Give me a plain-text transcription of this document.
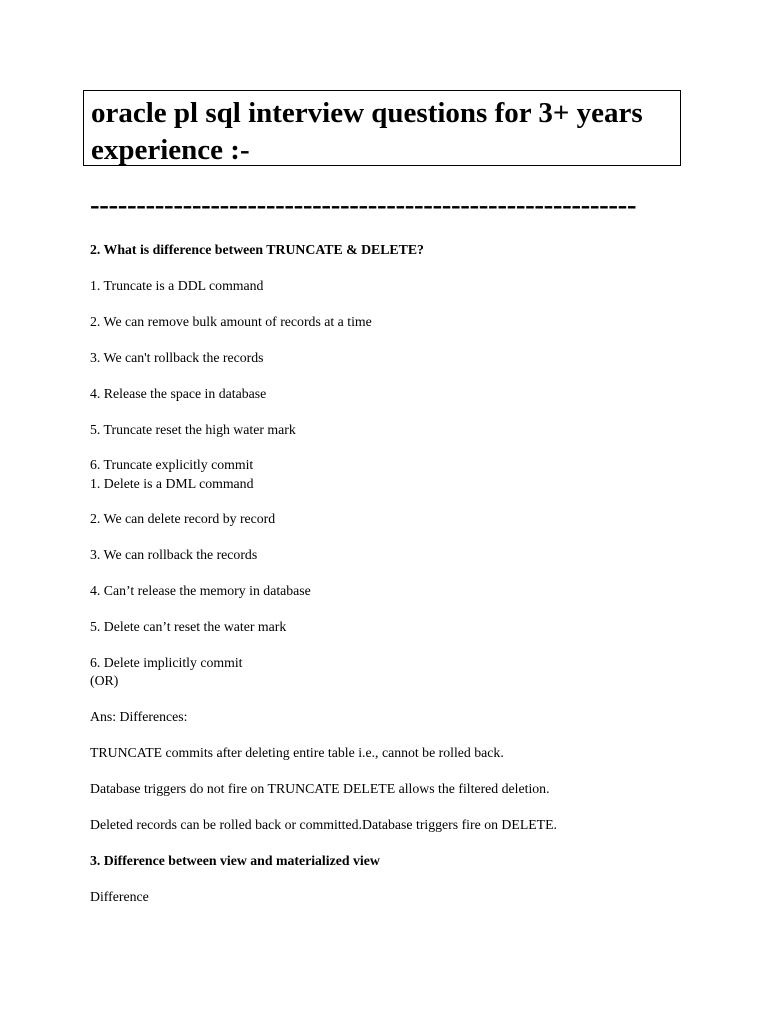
oracle pl sql interview questions for 3+ years

experience :-

-----------------------------------------------------------

2. What is difference between TRUNCATE & DELETE?

1. Truncate is a DDL command

2. We can remove bulk amount of records at a time

3. We can't rollback the records

4. Release the space in database

5. Truncate reset the high water mark

6. Truncate explicitly commit

1. Delete is a DML command

2. We can delete record by record

3. We can rollback the records

4. Can’t release the memory in database

5. Delete can’t reset the water mark

6. Delete implicitly commit

(OR)

Ans: Differences:

TRUNCATE commits after deleting entire table i.e., cannot be rolled back.

Database triggers do not fire on TRUNCATE DELETE allows the filtered deletion.

Deleted records can be rolled back or committed.Database triggers fire on DELETE.

3. Difference between view and materialized view

Difference
